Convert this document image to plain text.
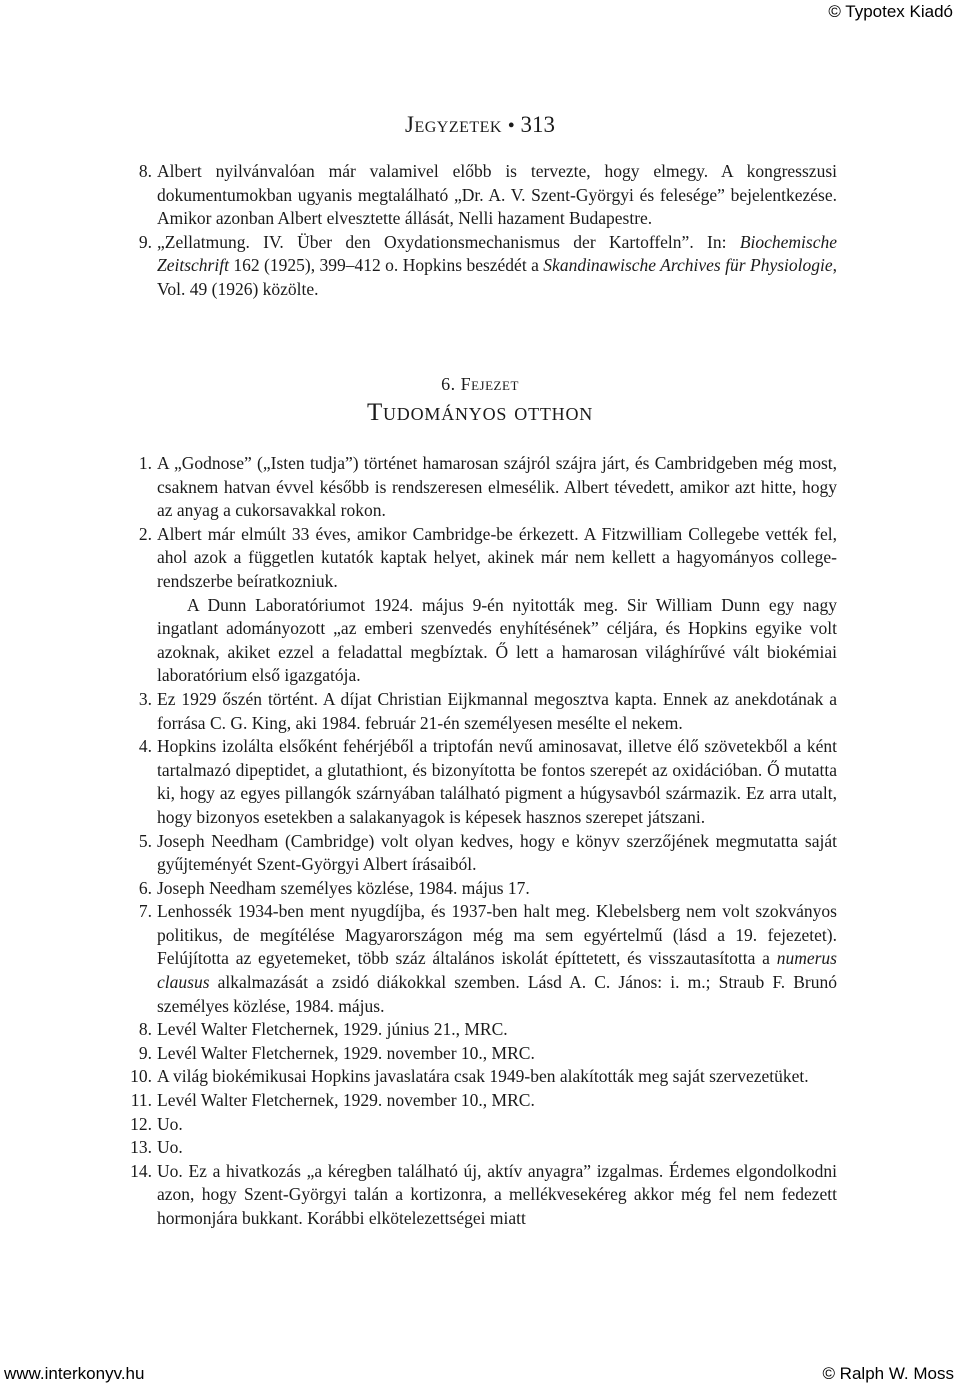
© Typotex Kiadó
Jegyzetek • 313
8. Albert nyilvánvalóan már valamivel előbb is tervezte, hogy elmegy. A kongresszusi dokumentumokban ugyanis megtalálható „Dr. A. V. Szent-Györgyi és felesége” bejelentkezése. Amikor azonban Albert elvesztette állását, Nelli hazament Budapestre.

9. „Zellatmung. IV. Über den Oxydationsmechanismus der Kartoffeln”. In: Biochemische Zeitschrift 162 (1925), 399–412 o. Hopkins beszédét a Skandinawische Archives für Physiologie, Vol. 49 (1926) közölte.

6. Fejezet
Tudományos otthon
1. A „Godnose” („Isten tudja”) történet hamarosan szájról szájra járt, és Cambridgeben még most, csaknem hatvan évvel később is rendszeresen elmesélik. Albert tévedett, amikor azt hitte, hogy az anyag a cukorsavakkal rokon.

2. Albert már elmúlt 33 éves, amikor Cambridge-be érkezett. A Fitzwilliam Collegebe vették fel, ahol azok a független kutatók kaptak helyet, akinek már nem kellett a hagyományos college-rendszerbe beíratkozniuk.

A Dunn Laboratóriumot 1924. május 9-én nyitották meg. Sir William Dunn egy nagy ingatlant adományozott „az emberi szenvedés enyhítésének” céljára, és Hopkins egyike volt azoknak, akiket ezzel a feladattal megbíztak. Ő lett a hamarosan világhírűvé vált biokémiai laboratórium első igazgatója.

3. Ez 1929 őszén történt. A díjat Christian Eijkmannal megosztva kapta. Ennek az anekdotának a forrása C. G. King, aki 1984. február 21-én személyesen mesélte el nekem.

4. Hopkins izolálta elsőként fehérjéből a triptofán nevű aminosavat, illetve élő szövetekből a ként tartalmazó dipeptidet, a glutathiont, és bizonyította be fontos szerepét az oxidációban. Ő mutatta ki, hogy az egyes pillangók szárnyában található pigment a húgysavból származik. Ez arra utalt, hogy bizonyos esetekben a salakanyagok is képesek hasznos szerepet játszani.

5. Joseph Needham (Cambridge) volt olyan kedves, hogy e könyv szerzőjének megmutatta saját gyűjteményét Szent-Györgyi Albert írásaiból.

6. Joseph Needham személyes közlése, 1984. május 17.

7. Lenhossék 1934-ben ment nyugdíjba, és 1937-ben halt meg. Klebelsberg nem volt szokványos politikus, de megítélése Magyarországon még ma sem egyértelmű (lásd a 19. fejezetet). Felújította az egyetemeket, több száz általános iskolát építtetett, és visszautasította a numerus clausus alkalmazását a zsidó diákokkal szemben. Lásd A. C. János: i. m.; Straub F. Brunó személyes közlése, 1984. május.

8. Levél Walter Fletchernek, 1929. június 21., MRC.

9. Levél Walter Fletchernek, 1929. november 10., MRC.

10. A világ biokémikusai Hopkins javaslatára csak 1949-ben alakították meg saját szervezetüket.

11. Levél Walter Fletchernek, 1929. november 10., MRC.

12. Uo.

13. Uo.

14. Uo. Ez a hivatkozás „a kéregben található új, aktív anyagra” izgalmas. Érdemes elgondolkodni azon, hogy Szent-Györgyi talán a kortizonra, a mellékvesekéreg akkor még fel nem fedezett hormonjára bukkant. Korábbi elkötelezettségei miatt

www.interkonyv.hu	© Ralph W. Moss
